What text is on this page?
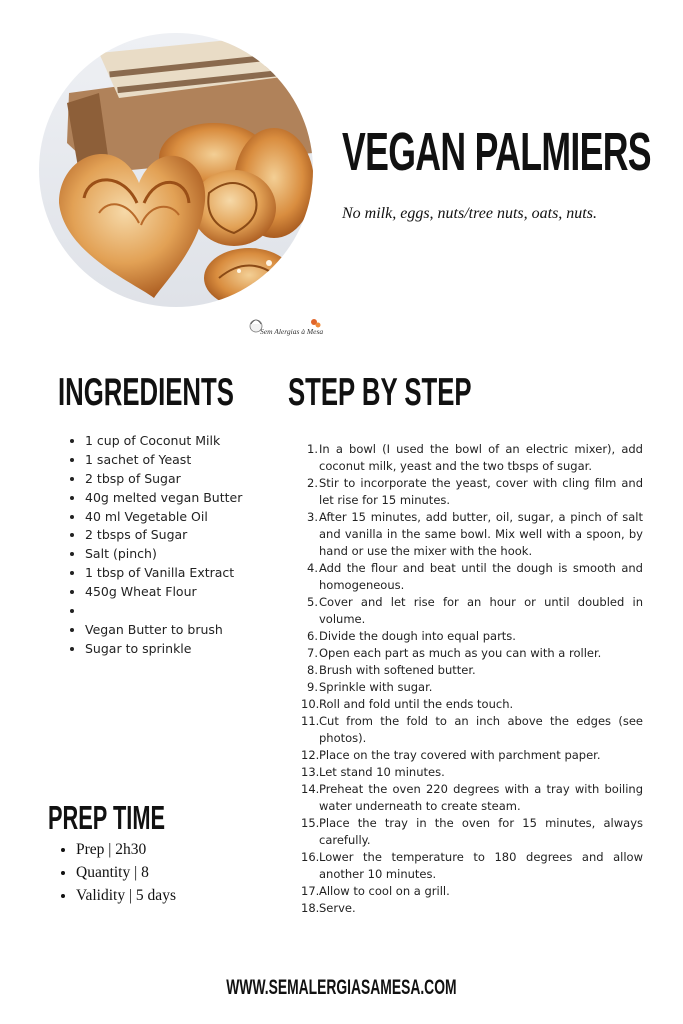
Sem Alergias à Mesa
VEGAN PALMIERS

No milk, eggs, nuts/tree nuts, oats, nuts.

INGREDIENTS
• 1 cup of Coconut Milk
• 1 sachet of Yeast
• 2 tbsp of Sugar
• 40g melted vegan Butter
• 40 ml Vegetable Oil
• 2 tbsps of Sugar
• Salt (pinch)
• 1 tbsp of Vanilla Extract
• 450g Wheat Flour
•
• Vegan Butter to brush
• Sugar to sprinkle
STEP BY STEP
1. In a bowl (I used the bowl of an electric mixer), add coconut milk, yeast and the two tbsps of sugar.
2. Stir to incorporate the yeast, cover with cling film and let rise for 15 minutes.
3. After 15 minutes, add butter, oil, sugar, a pinch of salt and vanilla in the same bowl. Mix well with a spoon, by hand or use the mixer with the hook.
4. Add the flour and beat until the dough is smooth and homogeneous.
5. Cover and let rise for an hour or until doubled in volume.
6. Divide the dough into equal parts.
7. Open each part as much as you can with a roller.
8. Brush with softened butter.
9. Sprinkle with sugar.
10. Roll and fold until the ends touch.
11. Cut from the fold to an inch above the edges (see photos).
12. Place on the tray covered with parchment paper.
13. Let stand 10 minutes.
14. Preheat the oven 220 degrees with a tray with boiling water underneath to create steam.
15. Place the tray in the oven for 15 minutes, always carefully.
16. Lower the temperature to 180 degrees and allow another 10 minutes.
17. Allow to cool on a grill.
18. Serve.
PREP TIME
• Prep | 2h30
• Quantity | 8
• Validity | 5 days

WWW.SEMALERGIASAMESA.COM
